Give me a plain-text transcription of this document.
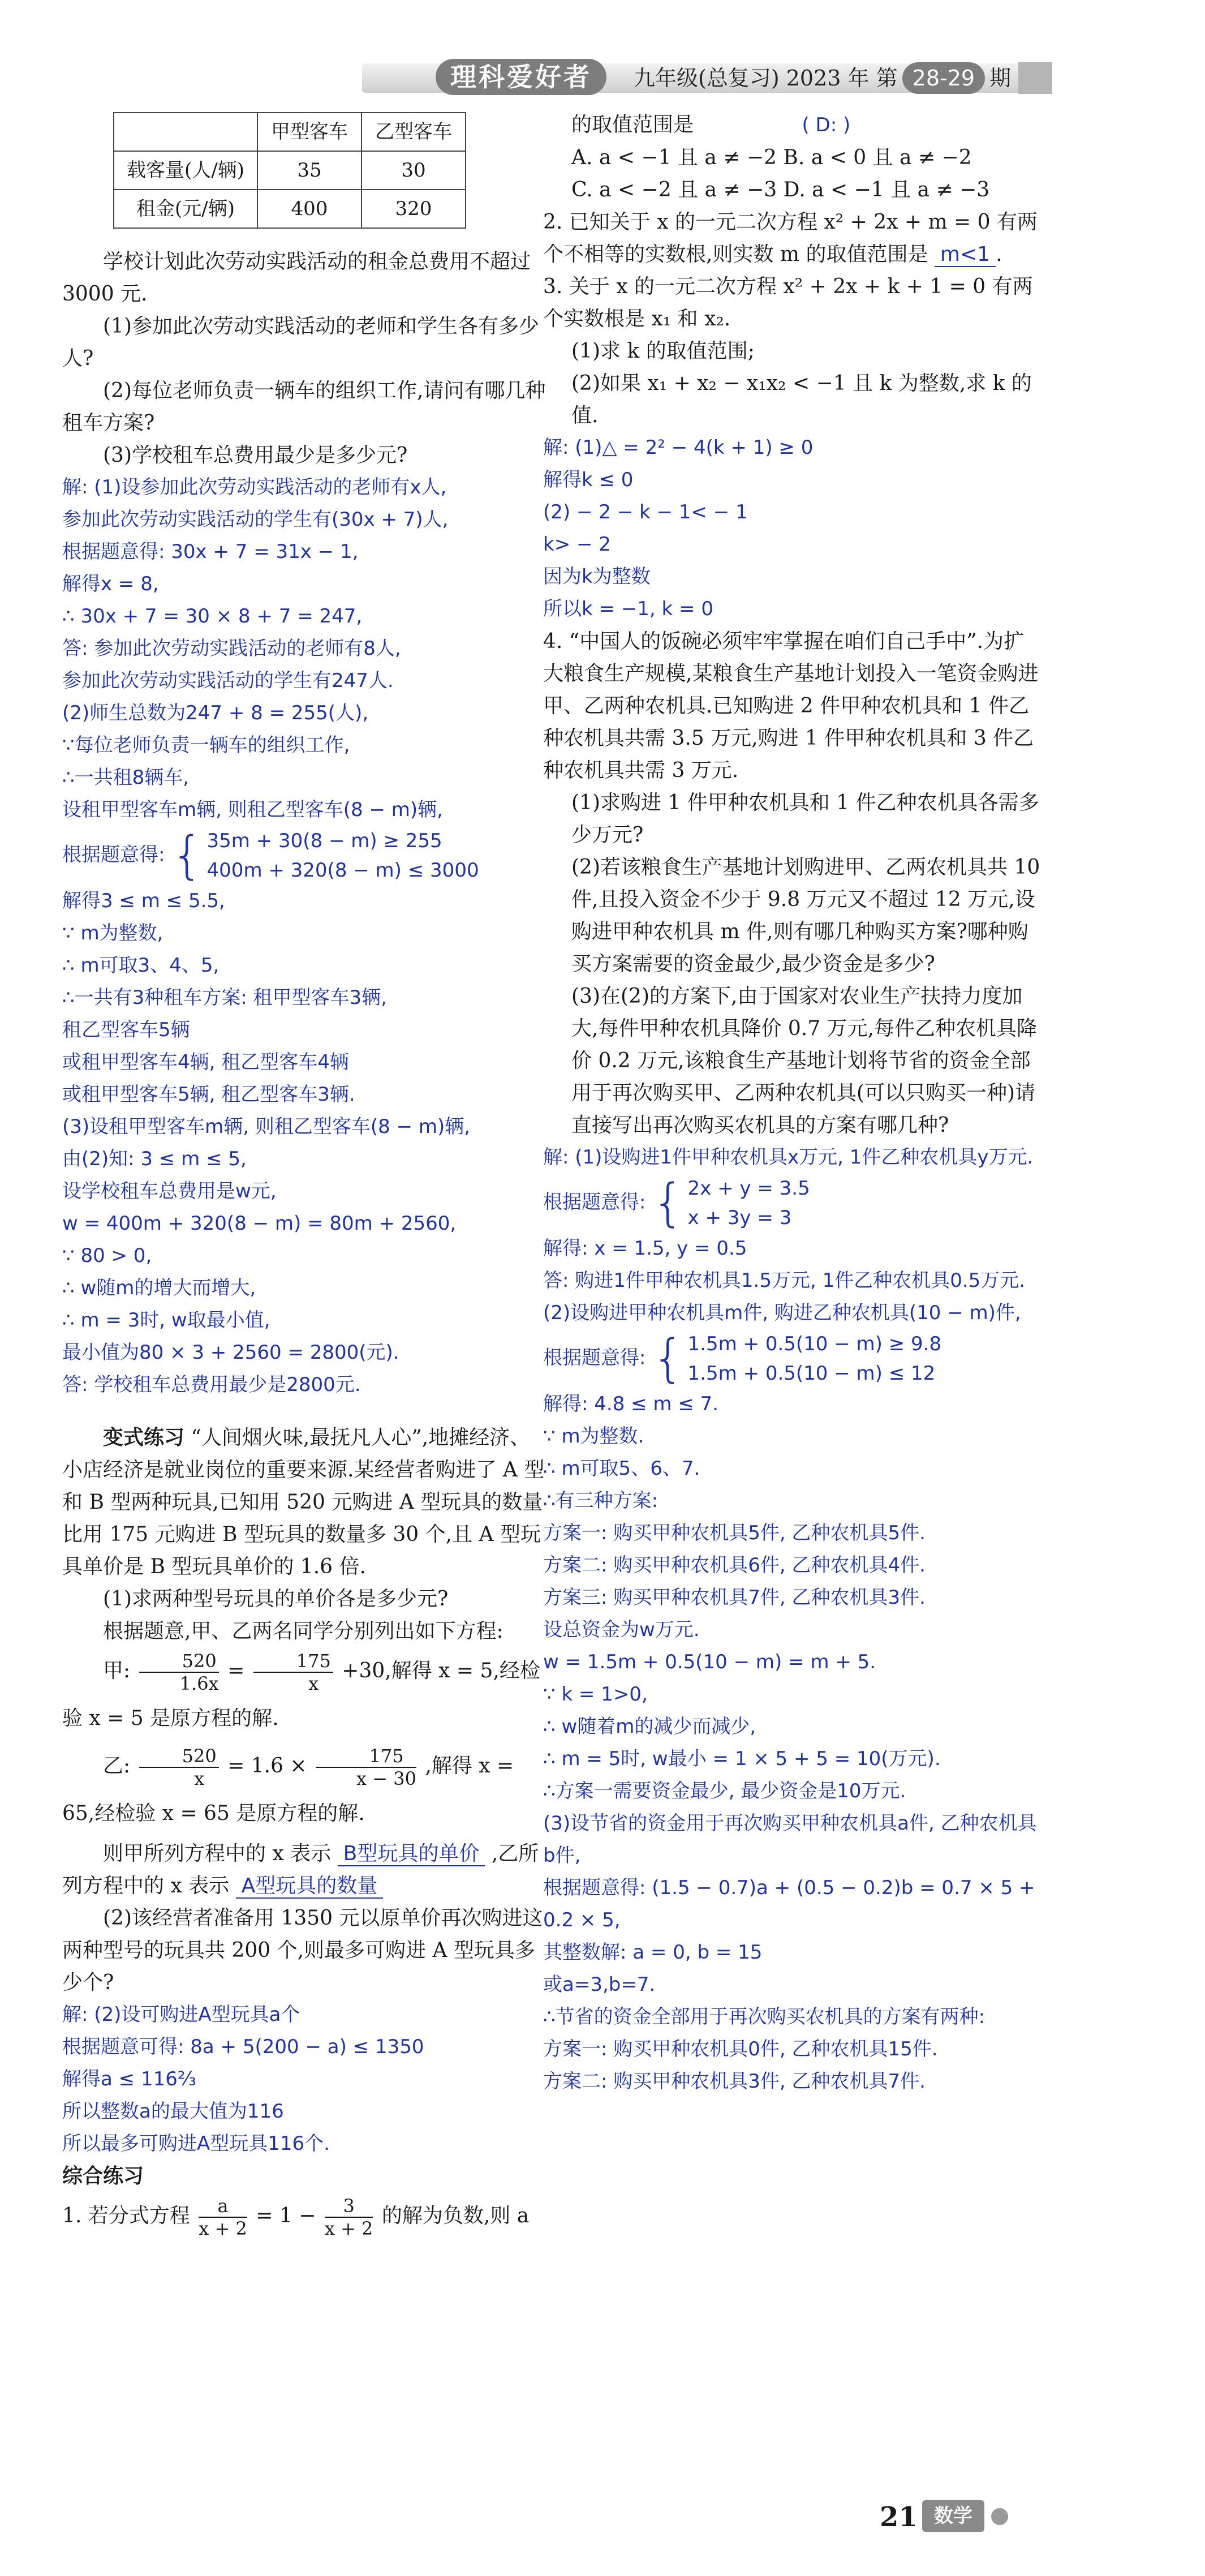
理科爱好者	九年级(总复习) 2023 年 第 28-29 期
	甲型客车	乙型客车
载客量(人/辆)	35	30
租金(元/辆)	400	320

学校计划此次劳动实践活动的租金总费用不超过 3000 元.

(1)参加此次劳动实践活动的老师和学生各有多少人?

(2)每位老师负责一辆车的组织工作,请问有哪几种租车方案?

(3)学校租车总费用最少是多少元?

解: (1)设参加此次劳动实践活动的老师有x人,

参加此次劳动实践活动的学生有(30x + 7)人,

根据题意得: 30x + 7 = 31x − 1,

解得x = 8,

∴ 30x + 7 = 30 × 8 + 7 = 247,

答: 参加此次劳动实践活动的老师有8人,

参加此次劳动实践活动的学生有247人.

(2)师生总数为247 + 8 = 255(人),

∵每位老师负责一辆车的组织工作,

∴一共租8辆车,

设租甲型客车m辆, 则租乙型客车(8 − m)辆,

根据题意得: { 35m + 30(8 − m) ≥ 255
400m + 320(8 − m) ≤ 3000

解得3 ≤ m ≤ 5.5,

∵ m为整数,

∴ m可取3、4、5,

∴一共有3种租车方案: 租甲型客车3辆,

租乙型客车5辆

或租甲型客车4辆, 租乙型客车4辆

或租甲型客车5辆, 租乙型客车3辆.

(3)设租甲型客车m辆, 则租乙型客车(8 − m)辆,

由(2)知: 3 ≤ m ≤ 5,

设学校租车总费用是w元,

w = 400m + 320(8 − m) = 80m + 2560,

∵ 80 > 0,

∴ w随m的增大而增大,

∴ m = 3时, w取最小值,

最小值为80 × 3 + 2560 = 2800(元).

答: 学校租车总费用最少是2800元.

变式练习 “人间烟火味,最抚凡人心”,地摊经济、小店经济是就业岗位的重要来源.某经营者购进了 A 型和 B 型两种玩具,已知用 520 元购进 A 型玩具的数量比用 175 元购进 B 型玩具的数量多 30 个,且 A 型玩具单价是 B 型玩具单价的 1.6 倍.

(1)求两种型号玩具的单价各是多少元?

根据题意,甲、乙两名同学分别列出如下方程:

甲: $\frac{520}{1.6x} = \frac{175}{x} +30$,解得 x = 5,经检验 x = 5 是原方程的解.

乙: $\frac{520}{x} = 1.6 \times \frac{175}{x - 30}$ ,解得 x = 65,经检验 x = 65 是原方程的解.

则甲所列方程中的 x 表示 B型玩具的单价 ,乙所列方程中的 x 表示 A型玩具的数量

(2)该经营者准备用 1350 元以原单价再次购进这两种型号的玩具共 200 个,则最多可购进 A 型玩具多少个?

解: (2)设可购进A型玩具a个

根据题意可得: 8a + 5(200 − a) ≤ 1350

解得a ≤ 116⅔

所以整数a的最大值为116

所以最多可购进A型玩具116个.

综合练习

1. 若分式方程 $\frac{a}{x + 2} = 1 - \frac{3}{x + 2}$ 的解为负数,则 a

的取值范围是	( D: )

A. a < −1 且 a ≠ −2 B. a < 0 且 a ≠ −2

C. a < −2 且 a ≠ −3 D. a < −1 且 a ≠ −3

2. 已知关于 x 的一元二次方程 x² + 2x + m = 0 有两个不相等的实数根,则实数 m 的取值范围是 m<1 .

3. 关于 x 的一元二次方程 x² + 2x + k + 1 = 0 有两个实数根是 x₁ 和 x₂.

(1)求 k 的取值范围;

(2)如果 x₁ + x₂ − x₁x₂ < −1 且 k 为整数,求 k 的值.

解: (1)△ = 2² − 4(k + 1) ≥ 0

解得k ≤ 0

(2) − 2 − k − 1< − 1

k> − 2

因为k为整数

所以k = −1, k = 0

4. “中国人的饭碗必须牢牢掌握在咱们自己手中”.为扩大粮食生产规模,某粮食生产基地计划投入一笔资金购进甲、乙两种农机具.已知购进 2 件甲种农机具和 1 件乙种农机具共需 3.5 万元,购进 1 件甲种农机具和 3 件乙种农机具共需 3 万元.

(1)求购进 1 件甲种农机具和 1 件乙种农机具各需多少万元?

(2)若该粮食生产基地计划购进甲、乙两农机具共 10 件,且投入资金不少于 9.8 万元又不超过 12 万元,设购进甲种农机具 m 件,则有哪几种购买方案?哪种购买方案需要的资金最少,最少资金是多少?

(3)在(2)的方案下,由于国家对农业生产扶持力度加大,每件甲种农机具降价 0.7 万元,每件乙种农机具降价 0.2 万元,该粮食生产基地计划将节省的资金全部用于再次购买甲、乙两种农机具(可以只购买一种)请直接写出再次购买农机具的方案有哪几种?

解: (1)设购进1件甲种农机具x万元, 1件乙种农机具y万元.

根据题意得: { 2x + y = 3.5
x + 3y = 3

解得: x = 1.5, y = 0.5

答: 购进1件甲种农机具1.5万元, 1件乙种农机具0.5万元.

(2)设购进甲种农机具m件, 购进乙种农机具(10 − m)件,

根据题意得: { 1.5m + 0.5(10 − m) ≥ 9.8
1.5m + 0.5(10 − m) ≤ 12

解得: 4.8 ≤ m ≤ 7.

∵ m为整数.

∴ m可取5、6、7.

∴有三种方案:

方案一: 购买甲种农机具5件, 乙种农机具5件.

方案二: 购买甲种农机具6件, 乙种农机具4件.

方案三: 购买甲种农机具7件, 乙种农机具3件.

设总资金为w万元.

w = 1.5m + 0.5(10 − m) = m + 5.

∵ k = 1>0,

∴ w随着m的减少而减少,

∴ m = 5时, w最小 = 1 × 5 + 5 = 10(万元).

∴方案一需要资金最少, 最少资金是10万元.

(3)设节省的资金用于再次购买甲种农机具a件, 乙种农机具b件,

根据题意得: (1.5 − 0.7)a + (0.5 − 0.2)b = 0.7 × 5 + 0.2 × 5,

其整数解: a = 0, b = 15

或a=3,b=7.

∴节省的资金全部用于再次购买农机具的方案有两种:

方案一: 购买甲种农机具0件, 乙种农机具15件.

方案二: 购买甲种农机具3件, 乙种农机具7件.

21 数学
